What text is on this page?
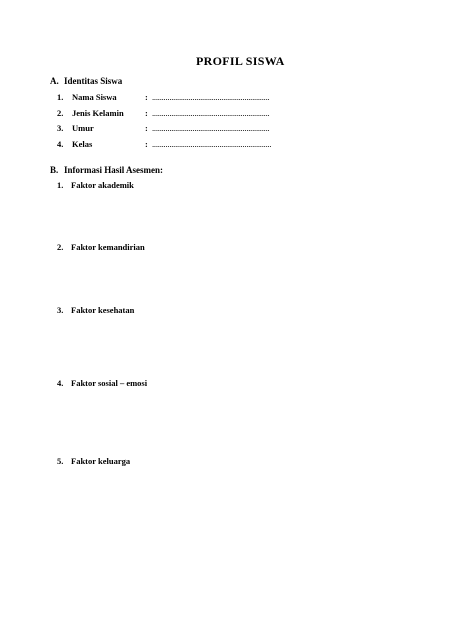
PROFIL SISWA
A. Identitas Siswa
1. Nama Siswa	: .............................................................
2. Jenis Kelamin	: .............................................................
3. Umur	: .............................................................
4. Kelas	: ..............................................................
B. Informasi Hasil Asesmen:
1. Faktor akademik
2. Faktor kemandirian
3. Faktor kesehatan
4. Faktor sosial – emosi
5. Faktor keluarga
